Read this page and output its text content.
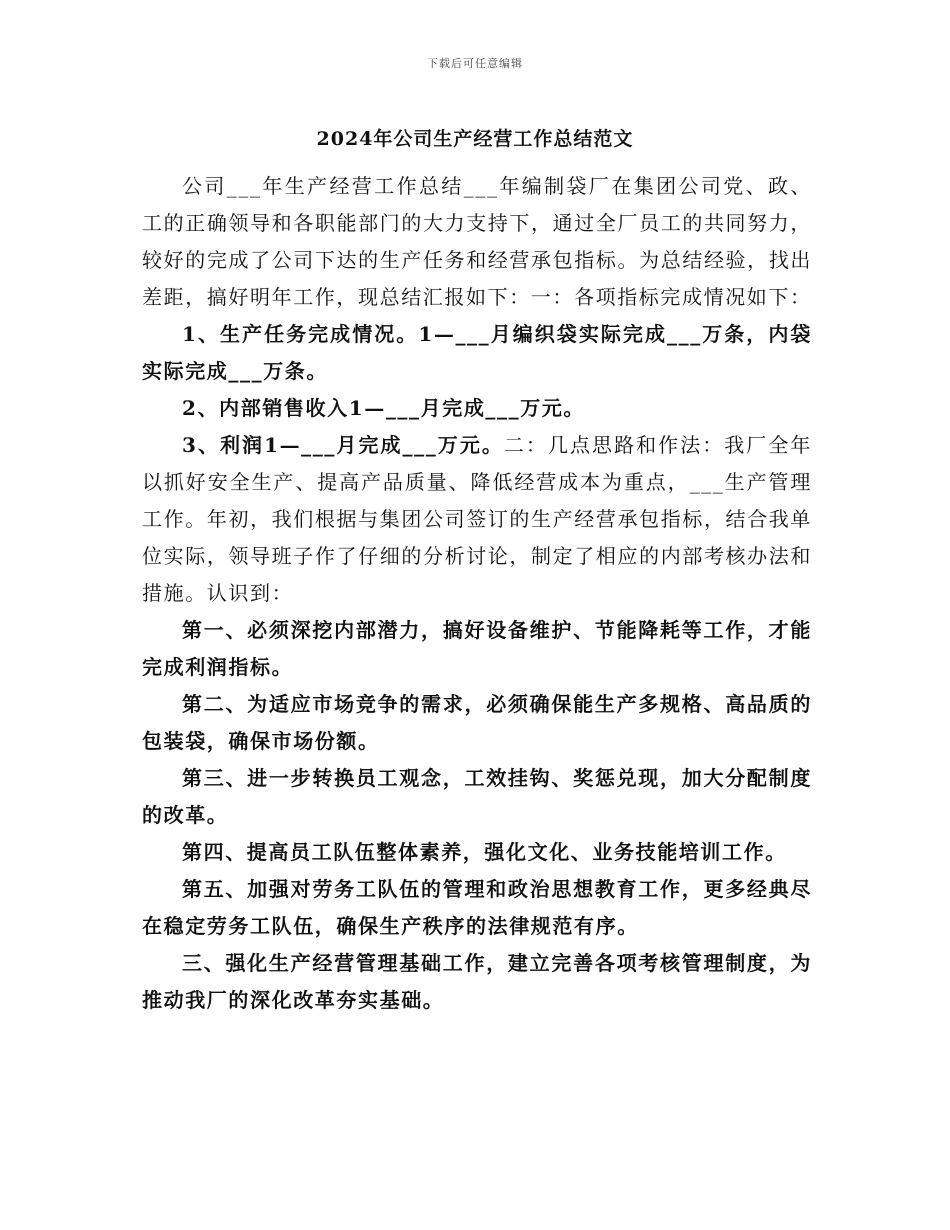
下载后可任意编辑
2024年公司生产经营工作总结范文

公司___年生产经营工作总结___年编制袋厂在集团公司党、政、工的正确领导和各职能部门的大力支持下，通过全厂员工的共同努力，较好的完成了公司下达的生产任务和经营承包指标。为总结经验，找出差距，搞好明年工作，现总结汇报如下：一：各项指标完成情况如下：

1、生产任务完成情况。1—___月编织袋实际完成___万条，内袋实际完成___万条。

2、内部销售收入1—___月完成___万元。

3、利润1—___月完成___万元。二：几点思路和作法：我厂全年以抓好安全生产、提高产品质量、降低经营成本为重点，___生产管理工作。年初，我们根据与集团公司签订的生产经营承包指标，结合我单位实际，领导班子作了仔细的分析讨论，制定了相应的内部考核办法和措施。认识到：

第一、必须深挖内部潜力，搞好设备维护、节能降耗等工作，才能完成利润指标。

第二、为适应市场竞争的需求，必须确保能生产多规格、高品质的包装袋，确保市场份额。

第三、进一步转换员工观念，工效挂钩、奖惩兑现，加大分配制度的改革。

第四、提高员工队伍整体素养，强化文化、业务技能培训工作。

第五、加强对劳务工队伍的管理和政治思想教育工作，更多经典尽在稳定劳务工队伍，确保生产秩序的法律规范有序。

三、强化生产经营管理基础工作，建立完善各项考核管理制度，为推动我厂的深化改革夯实基础。
